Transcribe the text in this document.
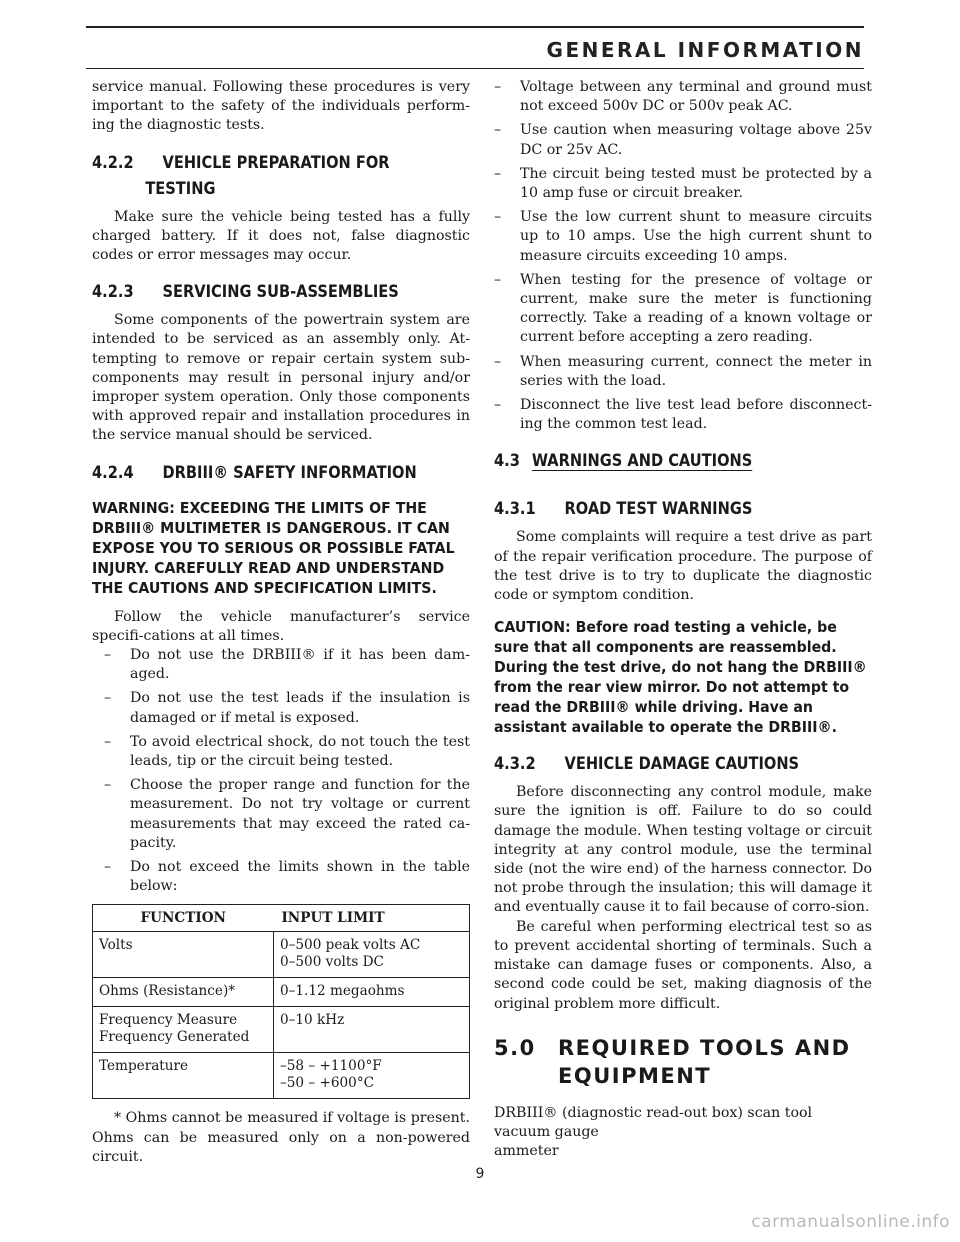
GENERAL INFORMATION

service manual. Following these procedures is very important to the safety of the individuals perform-ing the diagnostic tests.

4.2.2 VEHICLE PREPARATION FOR
TESTING

Make sure the vehicle being tested has a fully charged battery. If it does not, false diagnostic codes or error messages may occur.

4.2.3 SERVICING SUB-ASSEMBLIES

Some components of the powertrain system are intended to be serviced as an assembly only. At-tempting to remove or repair certain system sub-components may result in personal injury and/or improper system operation. Only those components with approved repair and installation procedures in the service manual should be serviced.

4.2.4 DRBIII® SAFETY INFORMATION
WARNING: EXCEEDING THE LIMITS OF THE DRBIII® MULTIMETER IS DANGEROUS. IT CAN EXPOSE YOU TO SERIOUS OR POSSIBLE FATAL INJURY. CAREFULLY READ AND UNDERSTAND THE CAUTIONS AND SPECIFICATION LIMITS.

Follow the vehicle manufacturer’s service specifi-cations at all times.

– Do not use the DRBIII® if it has been dam-aged.
– Do not use the test leads if the insulation is damaged or if metal is exposed.
– To avoid electrical shock, do not touch the test leads, tip or the circuit being tested.
– Choose the proper range and function for the measurement. Do not try voltage or current measurements that may exceed the rated ca-pacity.
– Do not exceed the limits shown in the table below:
FUNCTION	INPUT LIMIT
Volts	0–500 peak volts AC
0–500 volts DC
Ohms (Resistance)*	0–1.12 megaohms
Frequency Measure
Frequency Generated	0–10 kHz
Temperature	–58 – +1100°F
–50 – +600°C

* Ohms cannot be measured if voltage is present. Ohms can be measured only on a non-powered circuit.

– Voltage between any terminal and ground must not exceed 500v DC or 500v peak AC.
– Use caution when measuring voltage above 25v DC or 25v AC.
– The circuit being tested must be protected by a 10 amp fuse or circuit breaker.
– Use the low current shunt to measure circuits up to 10 amps. Use the high current shunt to measure circuits exceeding 10 amps.
– When testing for the presence of voltage or current, make sure the meter is functioning correctly. Take a reading of a known voltage or current before accepting a zero reading.
– When measuring current, connect the meter in series with the load.
– Disconnect the live test lead before disconnect-ing the common test lead.
4.3 WARNINGS AND CAUTIONS
4.3.1 ROAD TEST WARNINGS

Some complaints will require a test drive as part of the repair verification procedure. The purpose of the test drive is to try to duplicate the diagnostic code or symptom condition.

CAUTION: Before road testing a vehicle, be sure that all components are reassembled. During the test drive, do not hang the DRBIII® from the rear view mirror. Do not attempt to read the DRBIII® while driving. Have an assistant available to operate the DRBIII®.
4.3.2 VEHICLE DAMAGE CAUTIONS

Before disconnecting any control module, make sure the ignition is off. Failure to do so could damage the module. When testing voltage or circuit integrity at any control module, use the terminal side (not the wire end) of the harness connector. Do not probe through the insulation; this will damage it and eventually cause it to fail because of corro-sion.

Be careful when performing electrical test so as to prevent accidental shorting of terminals. Such a mistake can damage fuses or components. Also, a second code could be set, making diagnosis of the original problem more difficult.

5.0 REQUIRED TOOLS AND
EQUIPMENT

DRBIII® (diagnostic read-out box) scan tool

vacuum gauge

ammeter

9
carmanualsonline.info
